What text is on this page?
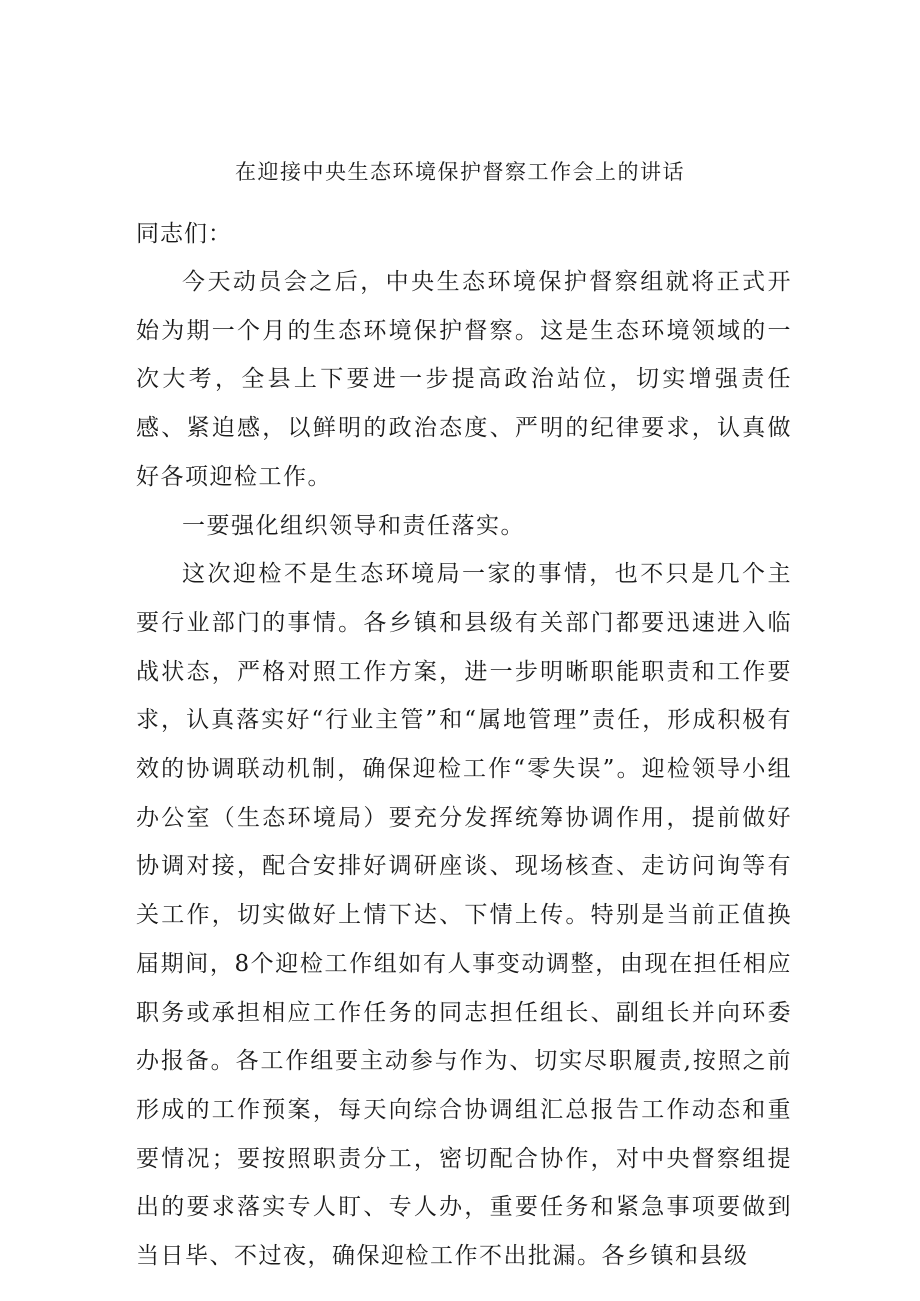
在迎接中央生态环境保护督察工作会上的讲话
同志们：

今天动员会之后，中央生态环境保护督察组就将正式开始为期一个月的生态环境保护督察。这是生态环境领域的一次大考，全县上下要进一步提高政治站位，切实增强责任感、紧迫感，以鲜明的政治态度、严明的纪律要求，认真做好各项迎检工作。

一要强化组织领导和责任落实。

这次迎检不是生态环境局一家的事情，也不只是几个主要行业部门的事情。各乡镇和县级有关部门都要迅速进入临战状态，严格对照工作方案，进一步明晰职能职责和工作要求，认真落实好“行业主管”和“属地管理”责任，形成积极有效的协调联动机制，确保迎检工作“零失误”。迎检领导小组办公室（生态环境局）要充分发挥统筹协调作用，提前做好协调对接，配合安排好调研座谈、现场核查、走访问询等有关工作，切实做好上情下达、下情上传。特别是当前正值换届期间，8个迎检工作组如有人事变动调整，由现在担任相应职务或承担相应工作任务的同志担任组长、副组长并向环委办报备。各工作组要主动参与作为、切实尽职履责,按照之前形成的工作预案，每天向综合协调组汇总报告工作动态和重要情况；要按照职责分工，密切配合协作，对中央督察组提出的要求落实专人盯、专人办，重要任务和紧急事项要做到当日毕、不过夜，确保迎检工作不出批漏。各乡镇和县级
